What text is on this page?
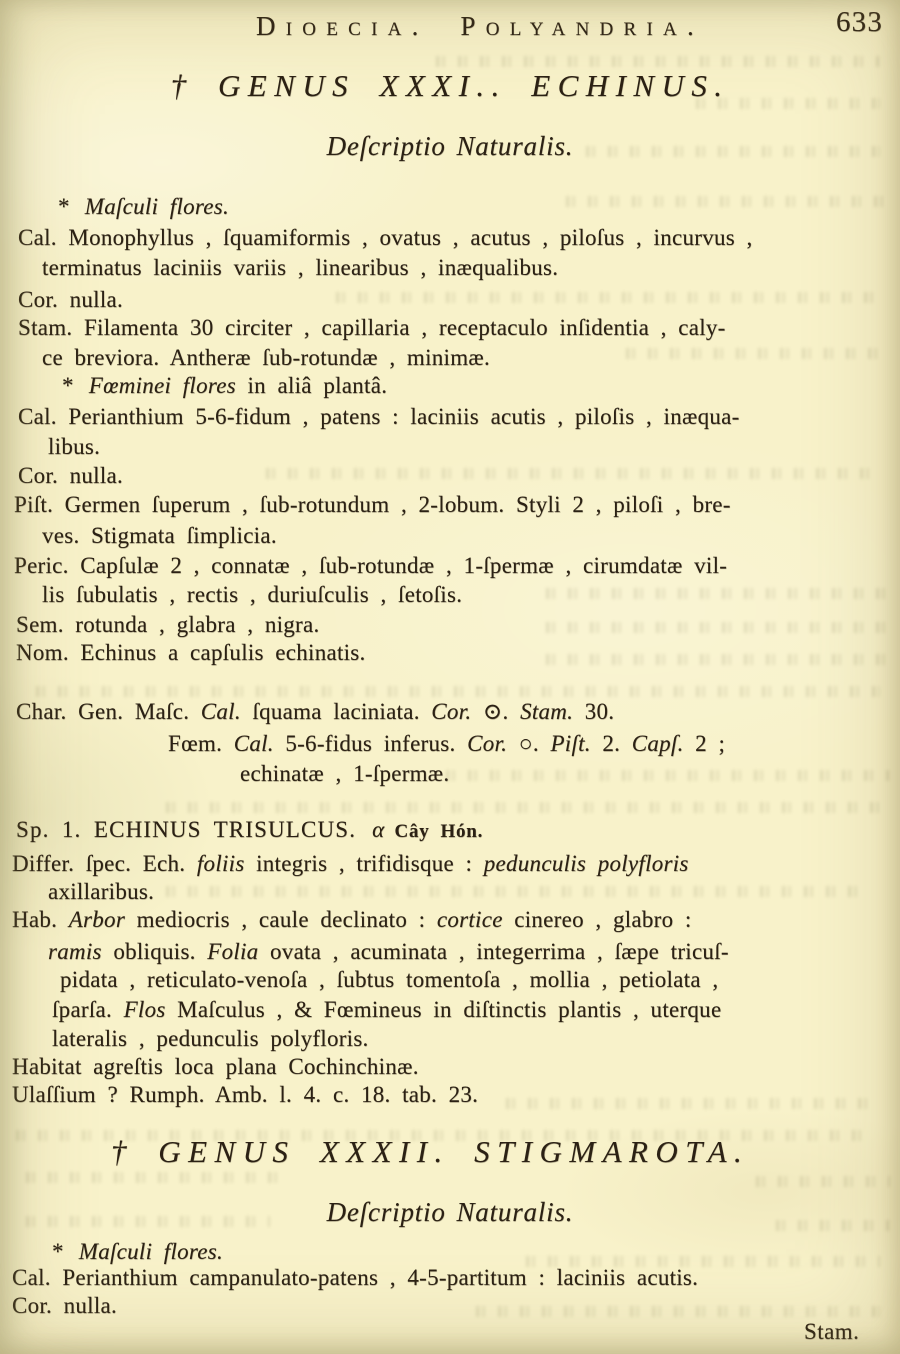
Dioecia. Polyandria.	633
† GENUS XXXI.. ECHINUS.
Deſcriptio Naturalis.
* Maſculi flores.
Cal. Monophyllus , ſquamiformis , ovatus , acutus , piloſus , incurvus ,
terminatus laciniis variis , linearibus , inæqualibus.
Cor. nulla.
Stam. Filamenta 30 circiter , capillaria , receptaculo inſidentia , caly-
ce breviora. Antheræ ſub-rotundæ , minimæ.
* Fœminei flores in aliâ plantâ.
Cal. Perianthium 5-6-fidum , patens : laciniis acutis , piloſis , inæqua-
libus.
Cor. nulla.
Piſt. Germen ſuperum , ſub-rotundum , 2-lobum. Styli 2 , piloſi , bre-
ves. Stigmata ſimplicia.
Peric. Capſulæ 2 , connatæ , ſub-rotundæ , 1-ſpermæ , cirumdatæ vil-
lis ſubulatis , rectis , duriuſculis , ſetoſis.
Sem. rotunda , glabra , nigra.
Nom. Echinus a capſulis echinatis.
Char. Gen. Maſc. Cal. ſquama laciniata. Cor. ⊙. Stam. 30.
Fœm. Cal. 5-6-fidus inferus. Cor. ○. Piſt. 2. Capſ. 2 ;
echinatæ , 1-ſpermæ.
Sp. 1. ECHINUS TRISULCUS. α Cây Hón.
Differ. ſpec. Ech. foliis integris , trifidisque : pedunculis polyfloris
axillaribus.
Hab. Arbor mediocris , caule declinato : cortice cinereo , glabro :
ramis obliquis. Folia ovata , acuminata , integerrima , ſæpe tricuſ-
pidata , reticulato-venoſa , ſubtus tomentoſa , mollia , petiolata ,
ſparſa. Flos Maſculus , & Fœmineus in diſtinctis plantis , uterque
lateralis , pedunculis polyfloris.
Habitat agreſtis loca plana Cochinchinæ.
Ulaſſium ? Rumph. Amb. l. 4. c. 18. tab. 23.
† GENUS XXXII. STIGMAROTA.
Deſcriptio Naturalis.
* Maſculi flores.
Cal. Perianthium campanulato-patens , 4-5-partitum : laciniis acutis.
Cor. nulla.
Stam.
